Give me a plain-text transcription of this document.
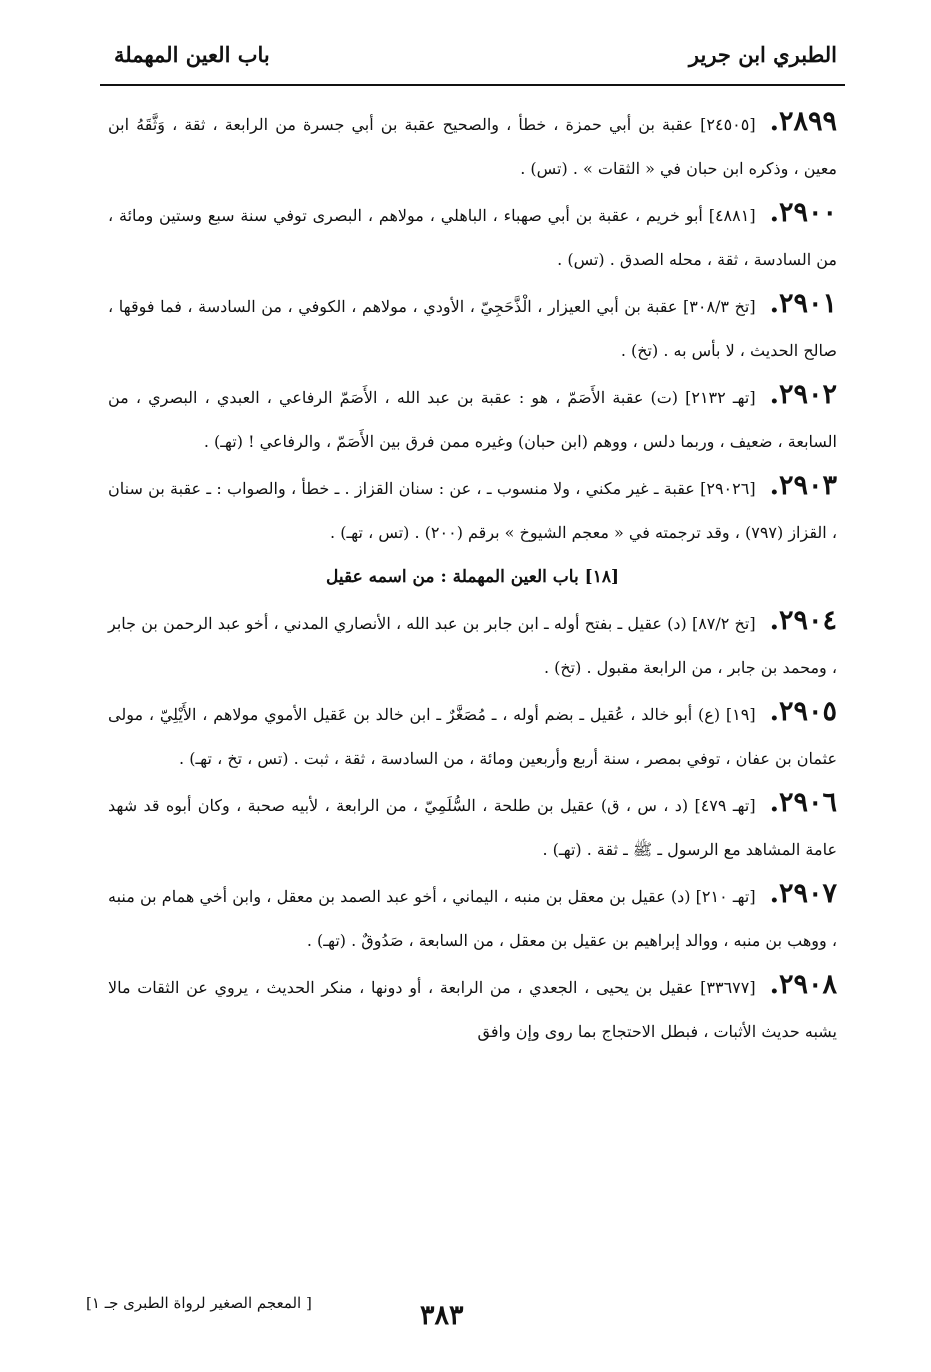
الطبري ابن جرير
باب العين المهملة

٢٨٩٩.[٢٤٥٠٥] عقبة بن أبي حمزة ، خطأ ، والصحيح عقبة بن أبي جسرة من الرابعة ، ثقة ، وَثَّقَهُ ابن معين ، وذكره ابن حبان في « الثقات » . (تس) .

٢٩٠٠.[٤٨٨١] أبو خريم ، عقبة بن أبي صهباء ، الباهلي ، مولاهم ، البصرى توفي سنة سبع وستين ومائة ، من السادسة ، ثقة ، محله الصدق . (تس) .

٢٩٠١.[تخ ٣٠٨/٣] عقبة بن أبي العيزار ، الْذَّحَجِيّ ، الأودي ، مولاهم ، الكوفي ، من السادسة ، فما فوقها ، صالح الحديث ، لا بأس به . (تخ) .

٢٩٠٢.[تهـ ٢١٣٢] (ت) عقبة الأَصَمّ ، هو : عقبة بن عبد الله ، الأَصَمّ الرفاعي ، العبدي ، البصري ، من السابعة ، ضعيف ، وربما دلس ، ووهم (ابن حبان) وغيره ممن فرق بين الأَصَمّ ، والرفاعي ! (تهـ) .

٢٩٠٣.[٢٩٠٢٦] عقبة ـ غير مكني ، ولا منسوب ـ ، عن : سنان القزاز . ـ خطأ ، والصواب : ـ عقبة بن سنان ، القزاز (٧٩٧) ، وقد ترجمته في « معجم الشيوخ » برقم (٢٠٠) . (تس ، تهـ) .

[١٨] باب العين المهملة : من اسمه عقيل

٢٩٠٤.[تخ ٨٧/٢] (د) عقيل ـ بفتح أوله ـ ابن جابر بن عبد الله ، الأنصاري المدني ، أخو عبد الرحمن بن جابر ، ومحمد بن جابر ، من الرابعة مقبول . (تخ) .

٢٩٠٥.[١٩] (ع) أبو خالد ، عُقيل ـ بضم أوله ، ـ مُصَغَّرٌ ـ ابن خالد بن عَقيل الأموي مولاهم ، الأَيْلِيّ ، مولى عثمان بن عفان ، توفي بمصر ، سنة أربع وأربعين ومائة ، من السادسة ، ثقة ، ثبت . (تس ، تخ ، تهـ) .

٢٩٠٦.[تهـ ٤٧٩] (د ، س ، ق) عقيل بن طلحة ، السُّلَمِيّ ، من الرابعة ، لأبيه صحبة ، وكان أبوه قد شهد عامة المشاهد مع الرسول ـ ﷺ ـ ثقة . (تهـ) .

٢٩٠٧.[تهـ ٢١٠] (د) عقيل بن معقل بن منبه ، اليماني ، أخو عبد الصمد بن معقل ، وابن أخي همام بن منبه ، ووهب بن منبه ، ووالد إبراهيم بن عقيل بن معقل ، من السابعة ، صَدُوقٌ . (تهـ) .

٢٩٠٨.[٣٣٦٧٧] عقيل بن يحيى ، الجعدي ، من الرابعة ، أو دونها ، منكر الحديث ، يروي عن الثقات مالا يشبه حديث الأثبات ، فبطل الاحتجاج بما روى وإن وافق

[ المعجم الصغير لرواة الطبرى جـ ١]	٣٨٣
